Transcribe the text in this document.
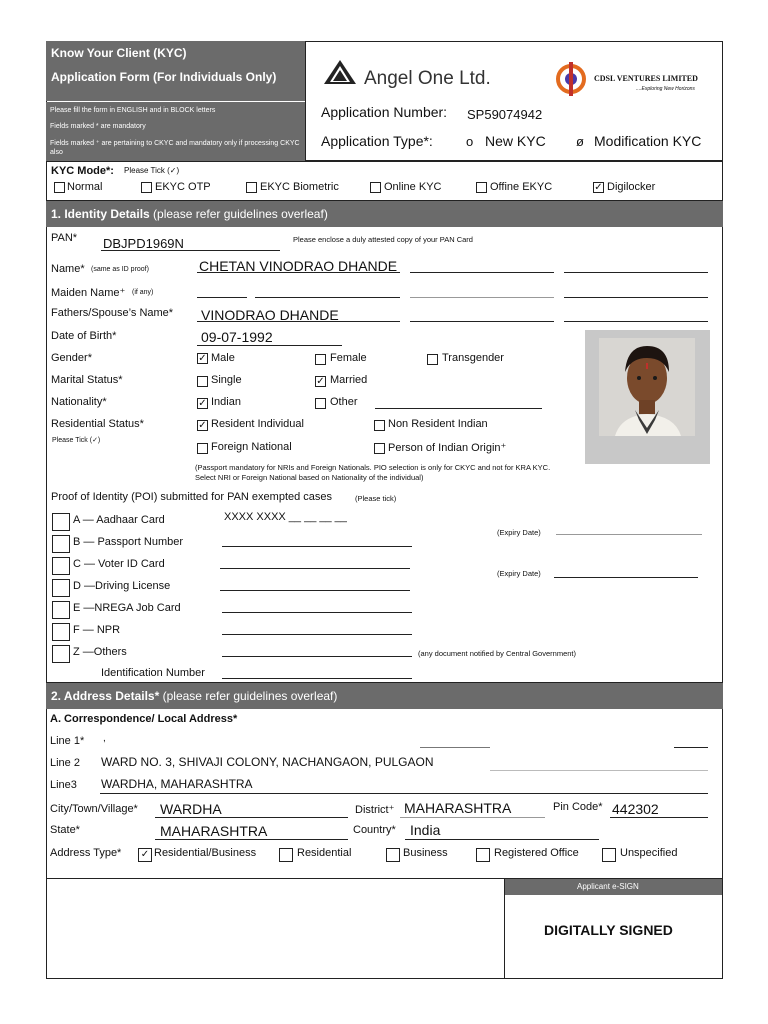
Know Your Client (KYC)
Application Form (For Individuals Only)
Please fill the form in ENGLISH and in BLOCK letters
Fields marked * are mandatory
Fields marked ⁺ are pertaining to CKYC and mandatory only if processing CKYC
also
Angel One Ltd.	CDSL VENTURES LIMITED
....Exploring New Horizons
Application Number: SP59074942
Application Type*:	o New KYC ø Modification KYC
KYC Mode*: Please Tick (✓)
Normal	EKYC OTP	EKYC Biometric	Online KYC	Offine EKYC	✓ Digilocker
1. Identity Details (please refer guidelines overleaf)
PAN* DBJPD1969N	Please enclose a duly attested copy of your PAN Card
Name* (same as ID proof)	CHETAN VINODRAO DHANDE
Maiden Name⁺ (if any)
Fathers/Spouse’s Name* VINODRAO DHANDE
Date of Birth*	09-07-1992
Gender*	✓ Male	Female	Transgender
Marital Status*	Single	✓ Married
Nationality*	✓ Indian	Other
Residential Status*
Please Tick (✓)
✓ Resident Individual	Non Resident Indian
Foreign National	Person of Indian Origin⁺
(Passport mandatory for NRIs and Foreign Nationals. PIO selection is only for CKYC and not for KRA KYC.
Select NRI or Foreign National based on Nationality of the individual)
Proof of Identity (POI) submitted for PAN exempted cases	(Please tick)
A — Aadhaar Card	XXXX XXXX __ __ __ __
(Expiry Date)
B — Passport Number
C — Voter ID Card
(Expiry Date)
D —Driving License
E —NREGA Job Card
F — NPR
Z —Others	(any document notified by Central Government)
Identification Number
2. Address Details* (please refer guidelines overleaf)
A. Correspondence/ Local Address*
Line 1* ,
Line 2 WARD NO. 3, SHIVAJI COLONY, NACHANGAON, PULGAON
Line3 WARDHA, MAHARASHTRA
City/Town/Village* WARDHA	District⁺ MAHARASHTRA	Pin Code* 442302
State*	MAHARASHTRA	Country* India
Address Type* ✓ Residential/Business	Residential	Business	Registered Office	Unspecified
Applicant e-SIGN
DIGITALLY SIGNED
